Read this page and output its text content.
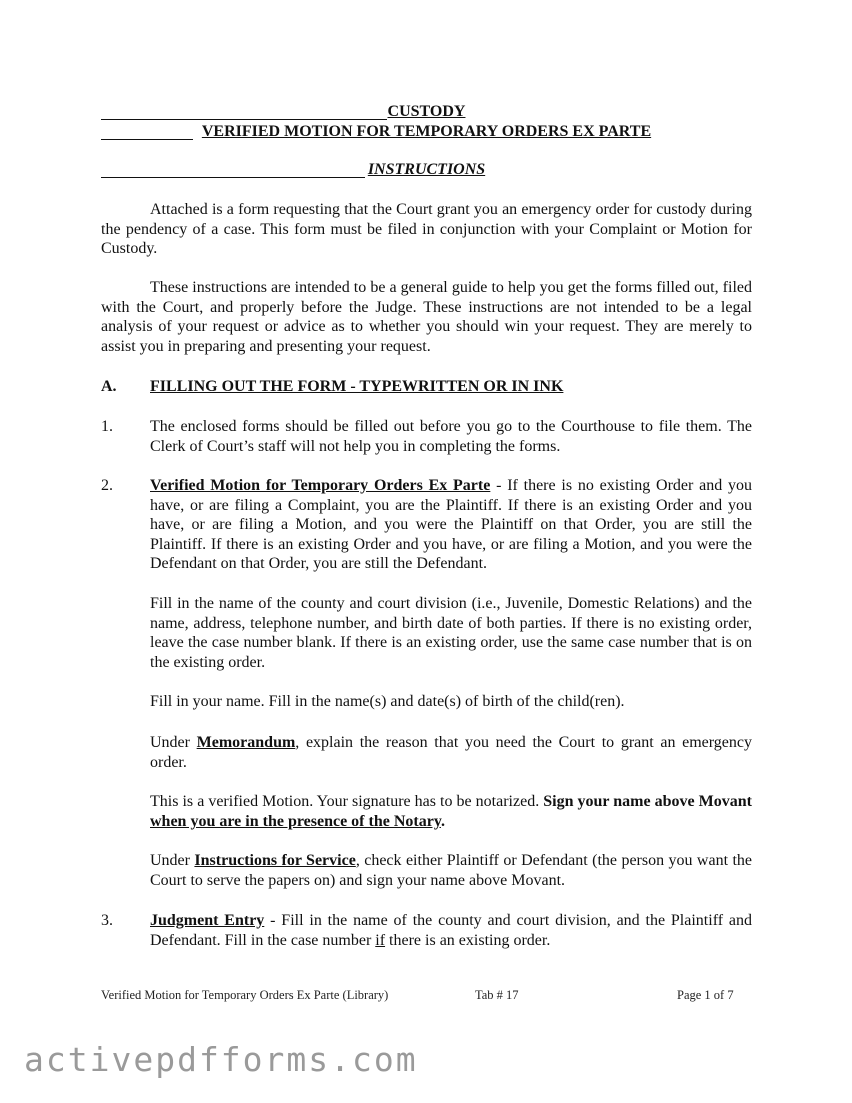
CUSTODY
VERIFIED MOTION FOR TEMPORARY ORDERS EX PARTE
INSTRUCTIONS

Attached is a form requesting that the Court grant you an emergency order for custody during the pendency of a case. This form must be filed in conjunction with your Complaint or Motion for Custody.

These instructions are intended to be a general guide to help you get the forms filled out, filed with the Court, and properly before the Judge. These instructions are not intended to be a legal analysis of your request or advice as to whether you should win your request. They are merely to assist you in preparing and presenting your request.

A. FILLING OUT THE FORM - TYPEWRITTEN OR IN INK
1. The enclosed forms should be filled out before you go to the Courthouse to file them. The Clerk of Court’s staff will not help you in completing the forms.

2. Verified Motion for Temporary Orders Ex Parte - If there is no existing Order and you have, or are filing a Complaint, you are the Plaintiff. If there is an existing Order and you have, or are filing a Motion, and you were the Plaintiff on that Order, you are still the Plaintiff. If there is an existing Order and you have, or are filing a Motion, and you were the Defendant on that Order, you are still the Defendant.

Fill in the name of the county and court division (i.e., Juvenile, Domestic Relations) and the name, address, telephone number, and birth date of both parties. If there is no existing order, leave the case number blank. If there is an existing order, use the same case number that is on the existing order.

Fill in your name. Fill in the name(s) and date(s) of birth of the child(ren).

Under Memorandum, explain the reason that you need the Court to grant an emergency order.

This is a verified Motion. Your signature has to be notarized. Sign your name above Movant when you are in the presence of the Notary.

Under Instructions for Service, check either Plaintiff or Defendant (the person you want the Court to serve the papers on) and sign your name above Movant.

3. Judgment Entry - Fill in the name of the county and court division, and the Plaintiff and Defendant. Fill in the case number if there is an existing order.

Verified Motion for Temporary Orders Ex Parte (Library)	Tab # 17	Page 1 of 7
activepdfforms.com
